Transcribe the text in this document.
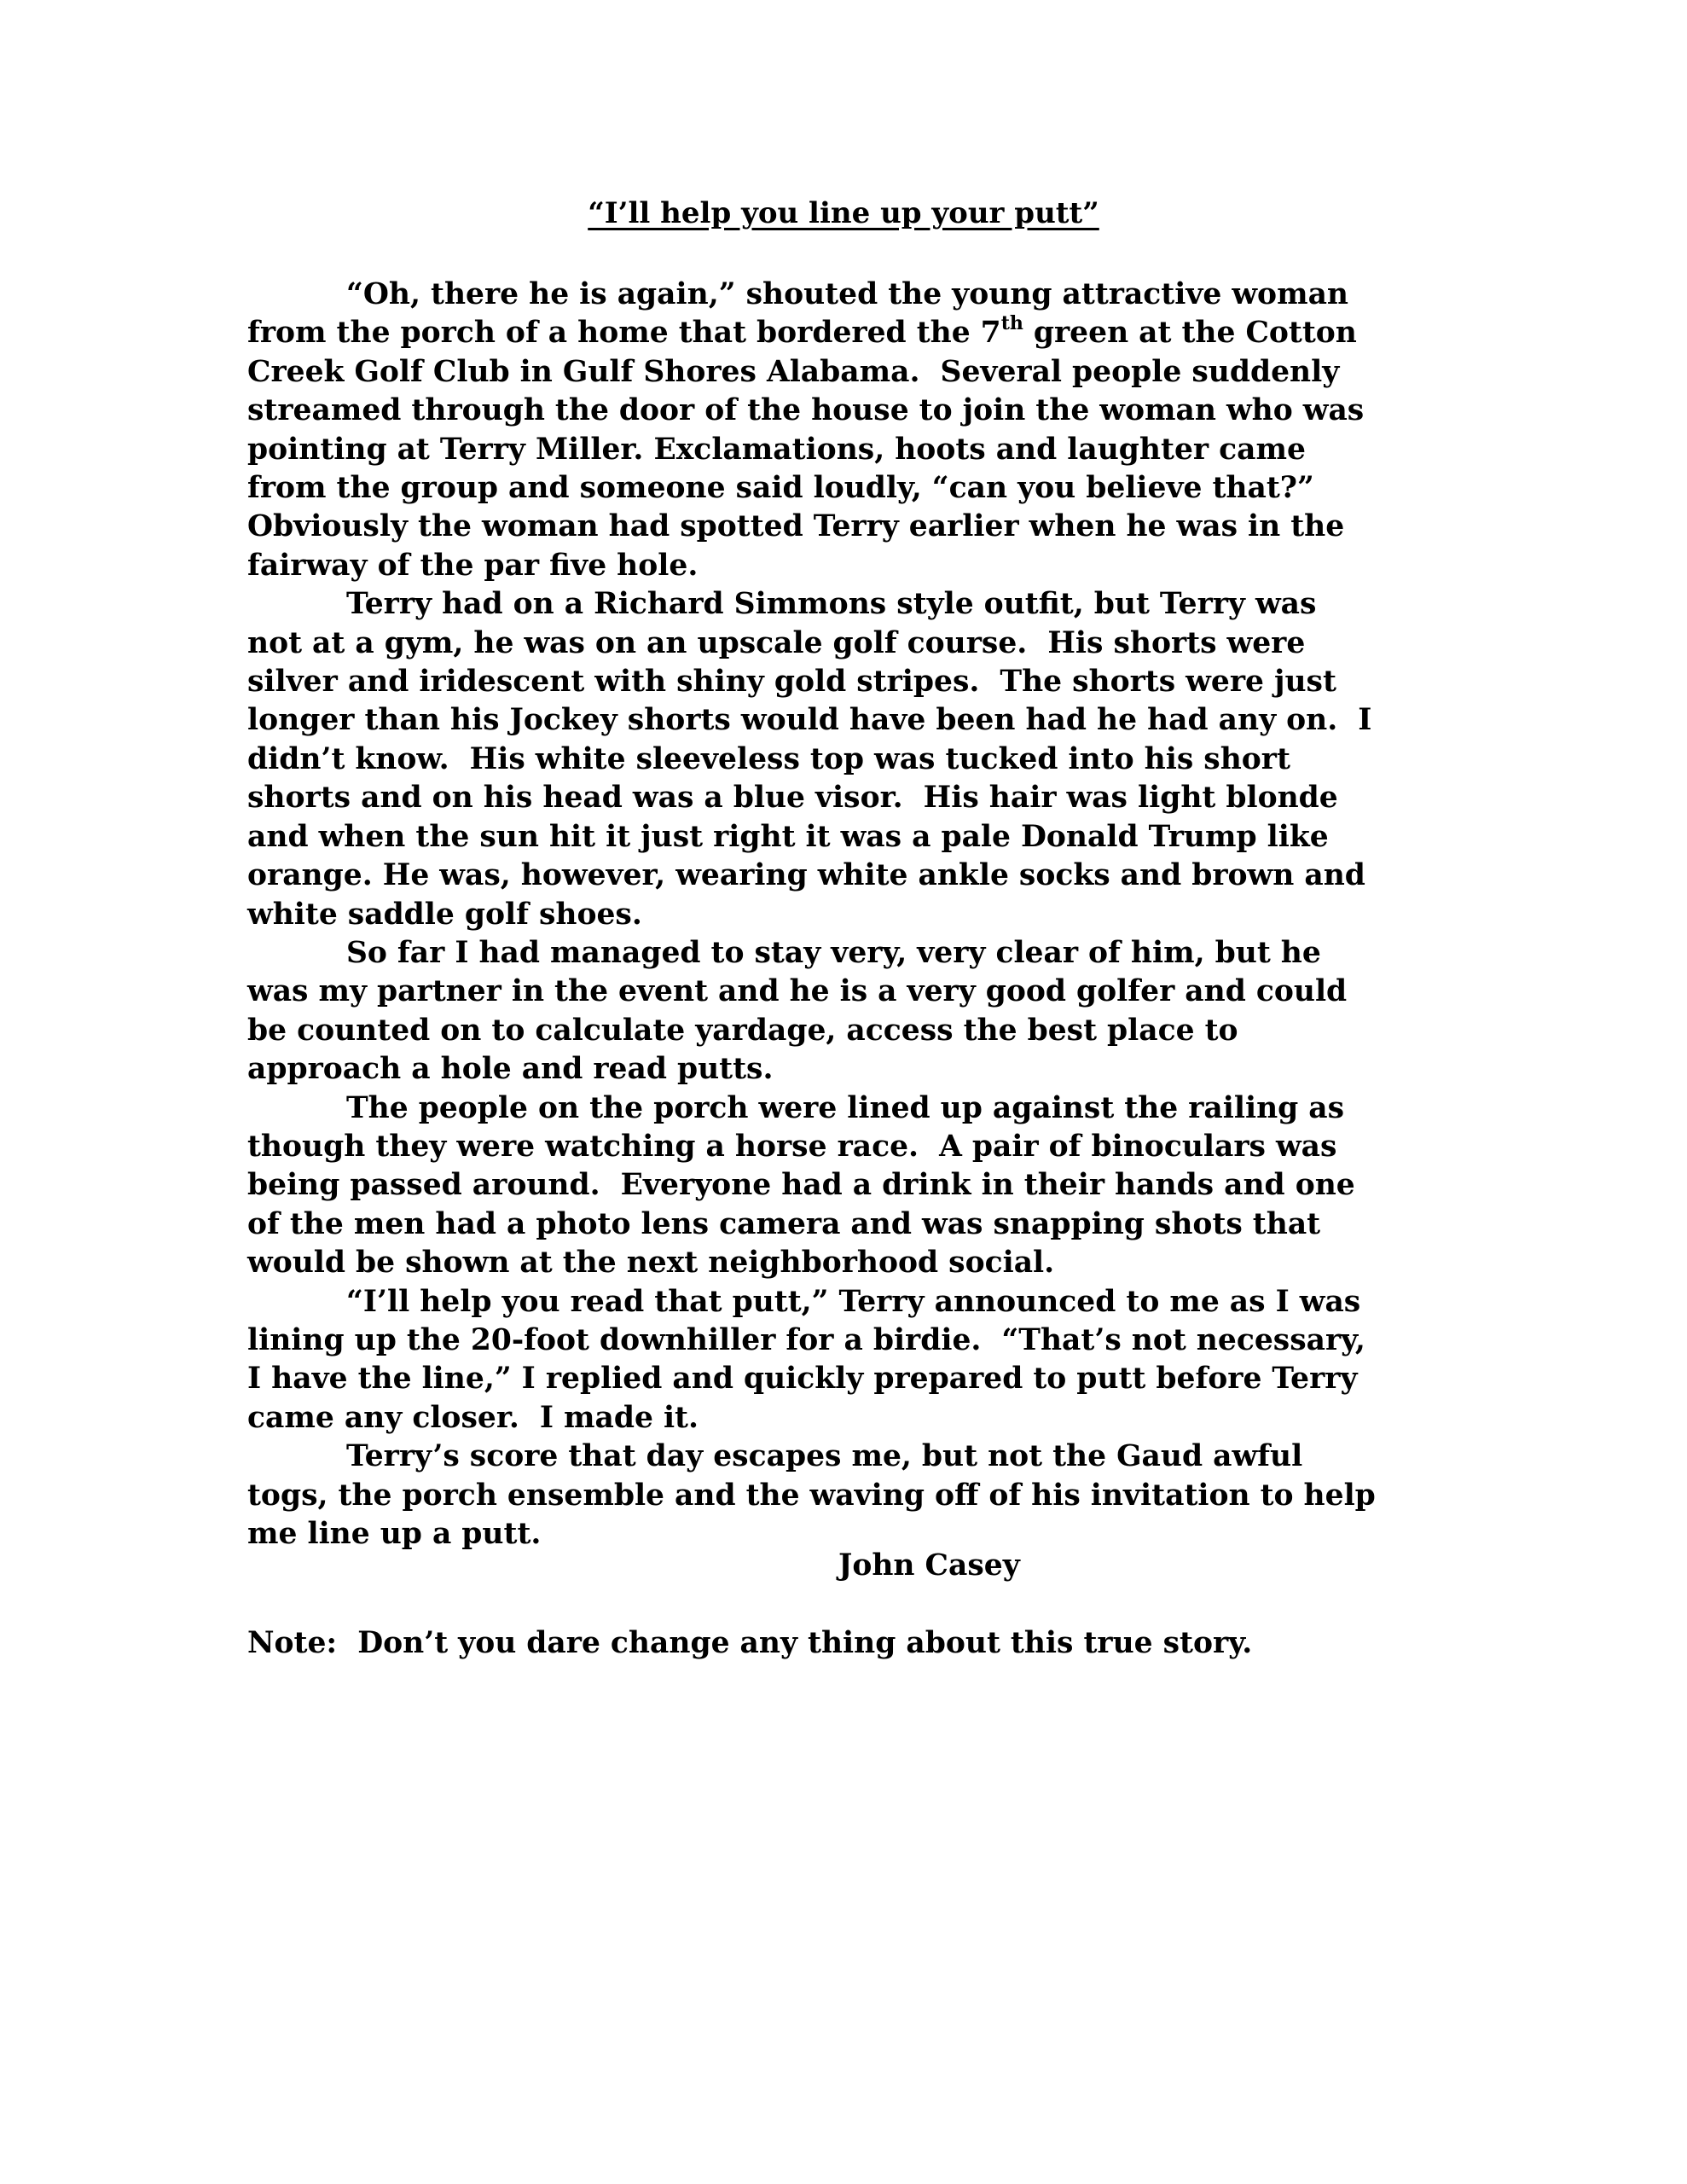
“I’ll help you line up your putt”
“Oh, there he is again,” shouted the young attractive woman
from the porch of a home that bordered the 7th green at the Cotton
Creek Golf Club in Gulf Shores Alabama.  Several people suddenly
streamed through the door of the house to join the woman who was
pointing at Terry Miller. Exclamations, hoots and laughter came
from the group and someone said loudly, “can you believe that?”
Obviously the woman had spotted Terry earlier when he was in the
fairway of the par five hole.
Terry had on a Richard Simmons style outfit, but Terry was
not at a gym, he was on an upscale golf course.  His shorts were
silver and iridescent with shiny gold stripes.  The shorts were just
longer than his Jockey shorts would have been had he had any on.  I
didn’t know.  His white sleeveless top was tucked into his short
shorts and on his head was a blue visor.  His hair was light blonde
and when the sun hit it just right it was a pale Donald Trump like
orange. He was, however, wearing white ankle socks and brown and
white saddle golf shoes.
So far I had managed to stay very, very clear of him, but he
was my partner in the event and he is a very good golfer and could
be counted on to calculate yardage, access the best place to
approach a hole and read putts.
The people on the porch were lined up against the railing as
though they were watching a horse race.  A pair of binoculars was
being passed around.  Everyone had a drink in their hands and one
of the men had a photo lens camera and was snapping shots that
would be shown at the next neighborhood social.
“I’ll help you read that putt,” Terry announced to me as I was
lining up the 20-foot downhiller for a birdie.  “That’s not necessary,
I have the line,” I replied and quickly prepared to putt before Terry
came any closer.  I made it.
Terry’s score that day escapes me, but not the Gaud awful
togs, the porch ensemble and the waving off of his invitation to help
me line up a putt.
John Casey
Note:  Don’t you dare change any thing about this true story.
